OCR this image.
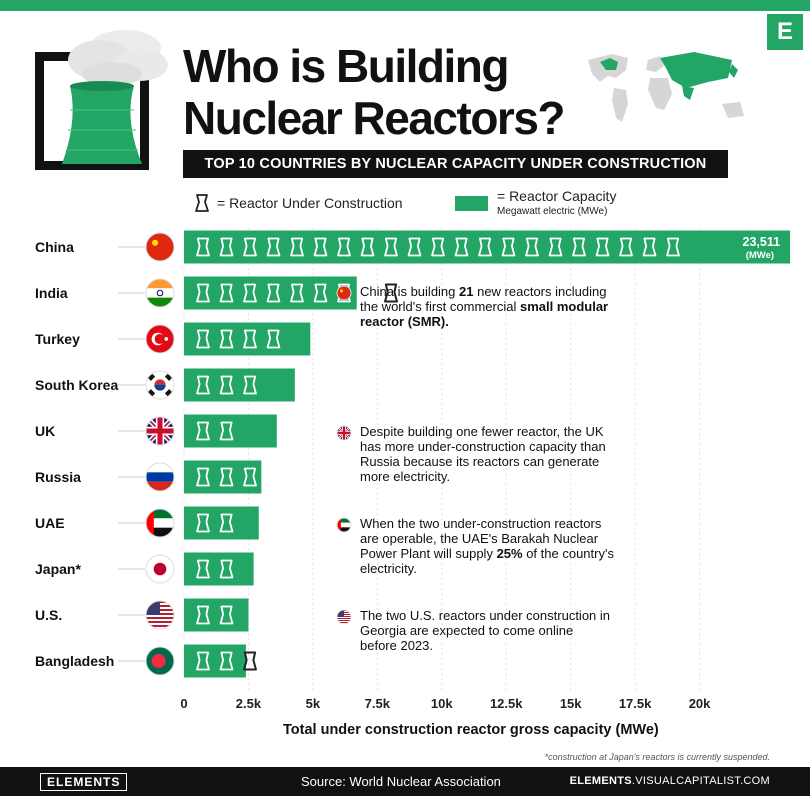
E
Who is Building
Nuclear Reactors?
TOP 10 COUNTRIES BY NUCLEAR CAPACITY UNDER CONSTRUCTION
= Reactor Under Construction	= Reactor Capacity
Megawatt electric (MWe)
0	2.5k	5k	7.5k	10k	12.5k	15k	17.5k	20k
China	23,511
(MWe)
India
Turkey
South Korea
UK
Russia
UAE
Japan*
U.S.
Bangladesh
Total under construction reactor gross capacity (MWe)
China is building 21 new reactors including the world's first commercial small modular reactor (SMR).
Despite building one fewer reactor, the UK has more under-construction capacity than Russia because its reactors can generate more electricity.
When the two under-construction reactors are operable, the UAE's Barakah Nuclear Power Plant will supply 25% of the country's electricity.
The two U.S. reactors under construction in Georgia are expected to come online before 2023.
*construction at Japan's reactors is currently suspended.
ELEMENTS	Source: World Nuclear Association	ELEMENTS.VISUALCAPITALIST.COM
